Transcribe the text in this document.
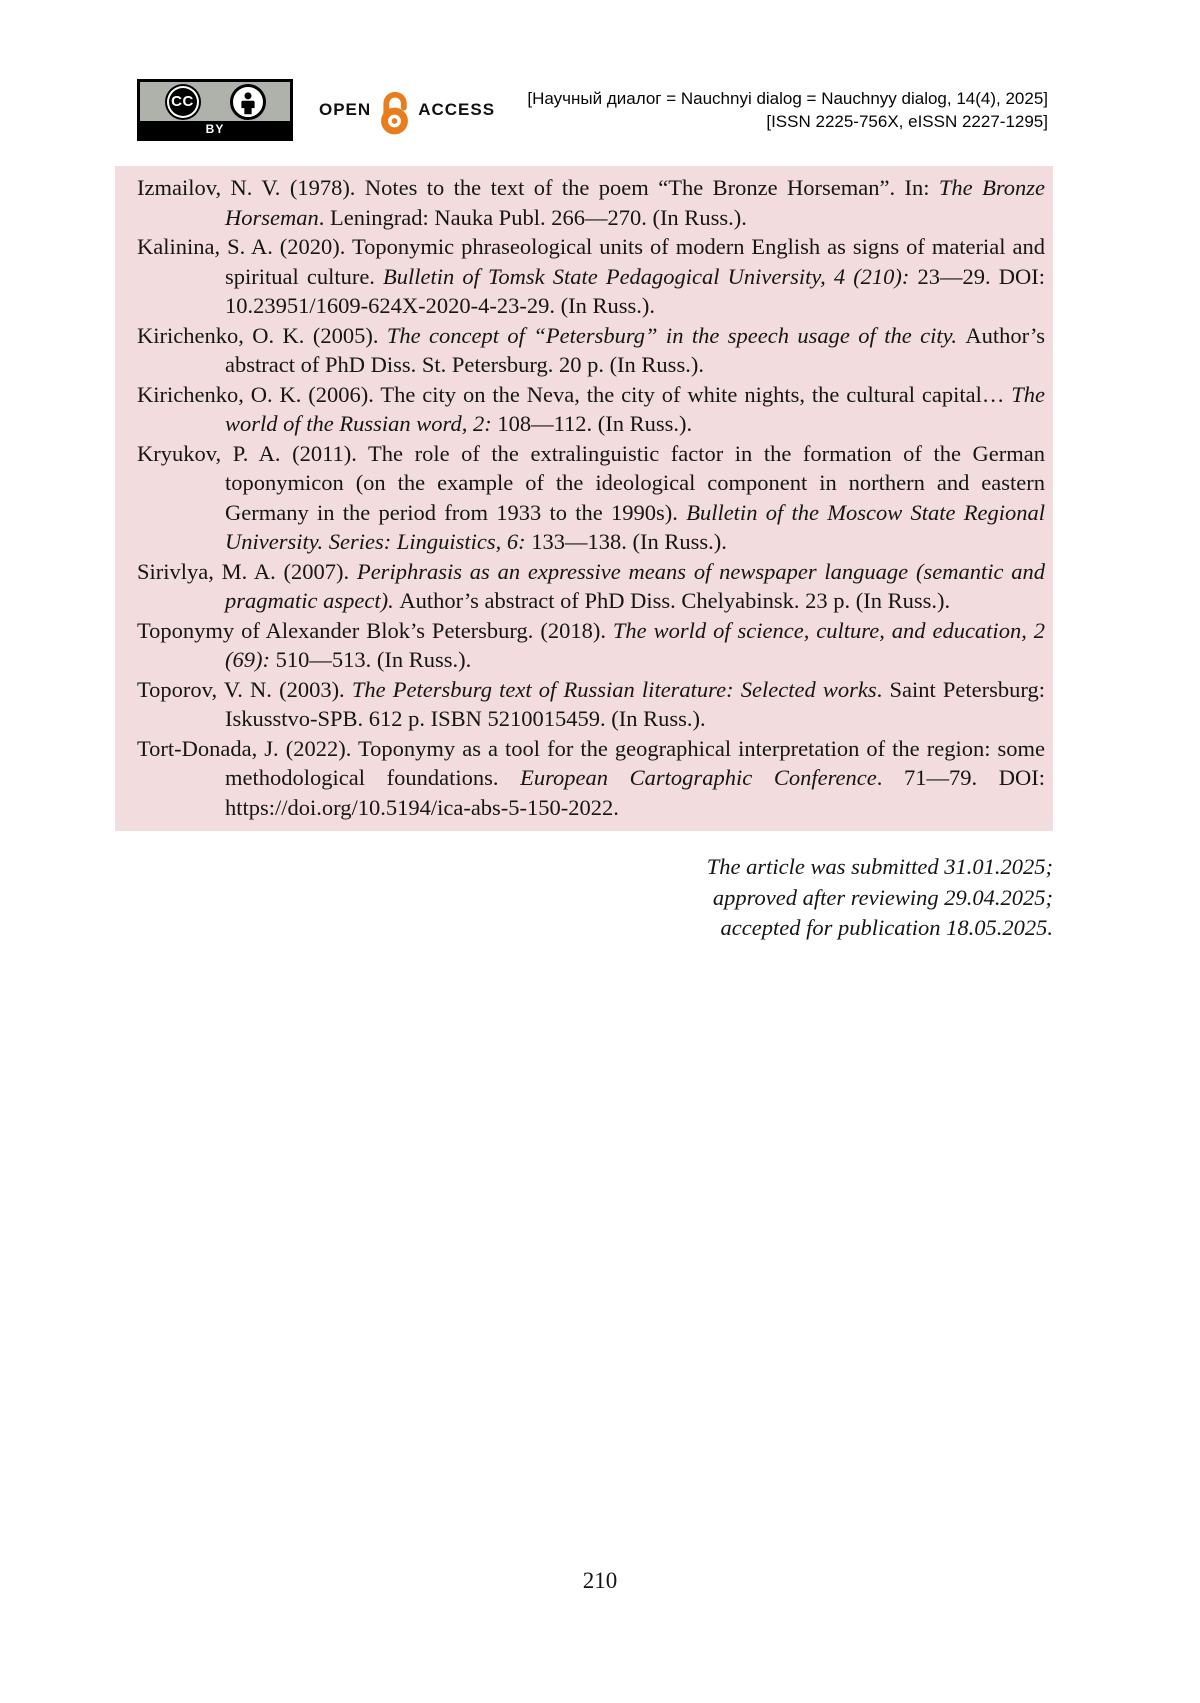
CC
BY
OPEN	ACCESS
[Научный диалог = Nauchnyi dialog = Nauchnyy dialog, 14(4), 2025]
[ISSN 2225-756X, eISSN 2227-1295]

Izmailov, N. V. (1978). Notes to the text of the poem “The Bronze Horseman”. In: The Bronze Horseman. Leningrad: Nauka Publ. 266—270. (In Russ.).

Kalinina, S. A. (2020). Toponymic phraseological units of modern English as signs of material and spiritual culture. Bulletin of Tomsk State Pedagogical University, 4 (210): 23—29. DOI: 10.23951/1609-624X-2020-4-23-29. (In Russ.).

Kirichenko, O. K. (2005). The concept of “Petersburg” in the speech usage of the city. Author’s abstract of PhD Diss. St. Petersburg. 20 p. (In Russ.).

Kirichenko, O. K. (2006). The city on the Neva, the city of white nights, the cultural capital… The world of the Russian word, 2: 108—112. (In Russ.).

Kryukov, P. A. (2011). The role of the extralinguistic factor in the formation of the German toponymicon (on the example of the ideological component in northern and eastern Germany in the period from 1933 to the 1990s). Bulletin of the Moscow State Regional University. Series: Linguistics, 6: 133—138. (In Russ.).

Sirivlya, M. A. (2007). Periphrasis as an expressive means of newspaper language (semantic and pragmatic aspect). Author’s abstract of PhD Diss. Chelyabinsk. 23 p. (In Russ.).

Toponymy of Alexander Blok’s Petersburg. (2018). The world of science, culture, and education, 2 (69): 510—513. (In Russ.).

Toporov, V. N. (2003). The Petersburg text of Russian literature: Selected works. Saint Petersburg: Iskusstvo-SPB. 612 p. ISBN 5210015459. (In Russ.).

Tort-Donada, J. (2022). Toponymy as a tool for the geographical interpretation of the region: some methodological foundations. European Cartographic Conference. 71—79. DOI: https://doi.org/10.5194/ica-abs-5-150-2022.

The article was submitted 31.01.2025;
approved after reviewing 29.04.2025;
accepted for publication 18.05.2025.
210
